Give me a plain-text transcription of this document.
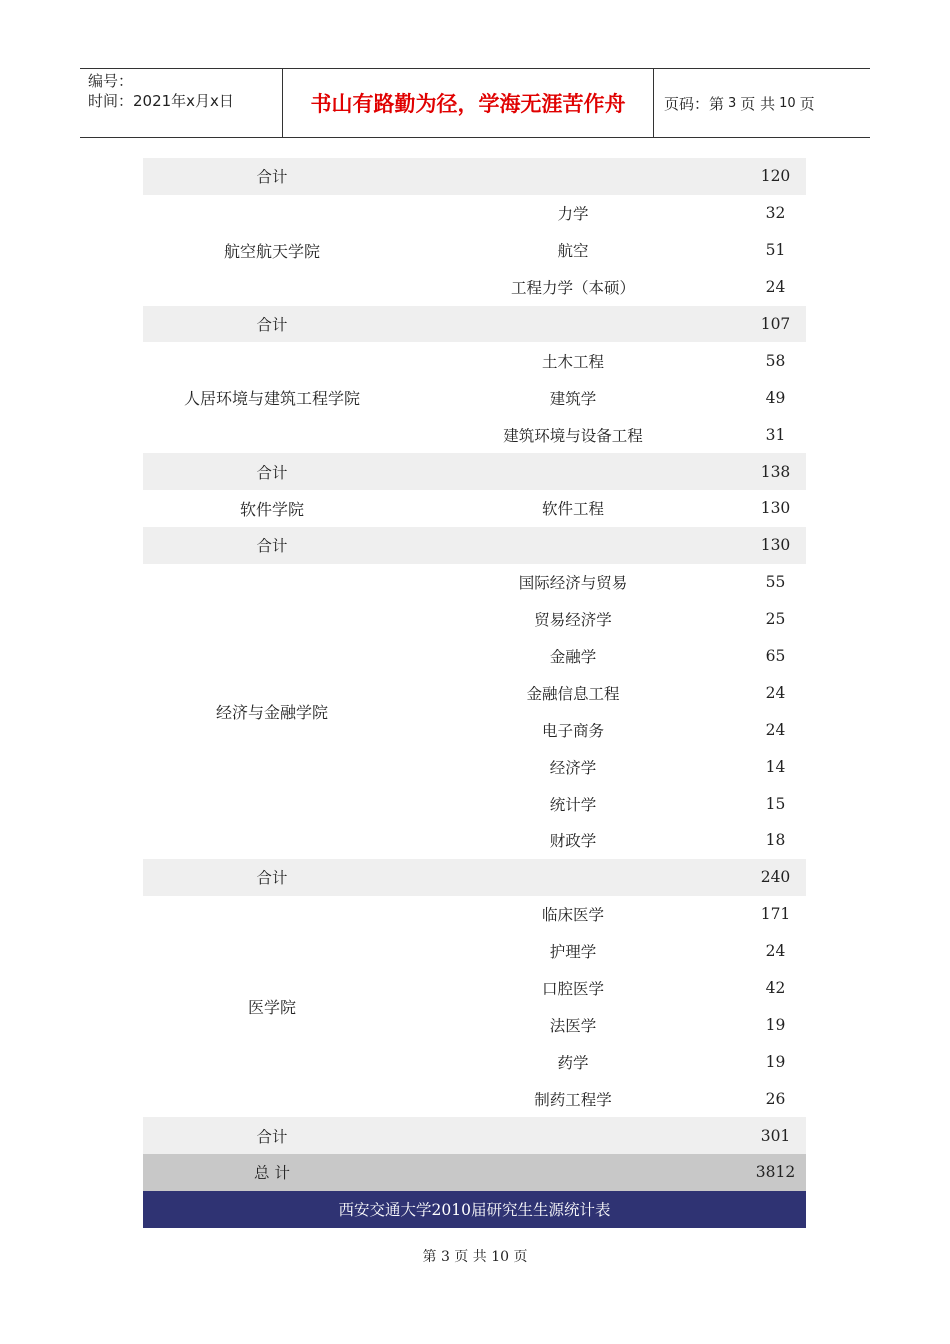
编号：
时间：2021年x月x日	书山有路勤为径，学海无涯苦作舟	页码：第 3 页 共 10 页
合计	120
航空航天学院
力学	32
航空	51
工程力学（本硕）	24
合计	107
人居环境与建筑工程学院
土木工程	58
建筑学	49
建筑环境与设备工程	31
合计	138
软件学院	软件工程	130
合计	130
经济与金融学院
国际经济与贸易	55
贸易经济学	25
金融学	65
金融信息工程	24
电子商务	24
经济学	14
统计学	15
财政学	18
合计	240
医学院
临床医学	171
护理学	24
口腔医学	42
法医学	19
药学	19
制药工程学	26
合计	301
总 计	3812
西安交通大学2010届研究生生源统计表
第 3 页 共 10 页
